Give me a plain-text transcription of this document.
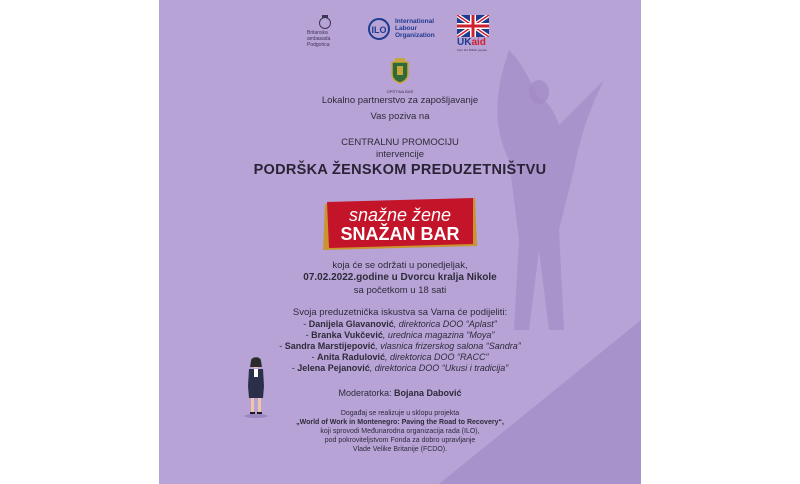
Britanska ambasada
Podgorica
ILO
International
Labour
Organization
UKaid
from the British people
OPŠTINA BAR
Lokalno partnerstvo za zapošljavanje
Vas poziva na
CENTRALNU PROMOCIJU
intervencije
PODRŠKA ŽENSKOM PREDUZETNIŠTVU
snažne žene
SNAŽAN BAR
koja će se održati u ponedjeljak,
07.02.2022.godine u Dvorcu kralja Nikole
sa početkom u 18 sati
Svoja preduzetnička iskustva sa Vama će podijeliti:
- Danijela Glavanović, direktorica DOO “Aplast”
- Branka Vukčević, urednica magazina “Moya”
- Sandra Marstijepović, vlasnica frizerskog salona “Sandra”
- Anita Radulović, direktorica DOO “RACC”
- Jelena Pejanović, direktorica DOO “Ukusi i tradicija”
Moderatorka: Bojana Dabović
Događaj se realizuje u sklopu projekta
„World of Work in Montenegro: Paving the Road to Recovery“,
koji sprovodi Međunarodna organizacija rada (ILO),
pod pokroviteljstvom Fonda za dobro upravljanje
Vlade Velike Britanije (FCDO).
